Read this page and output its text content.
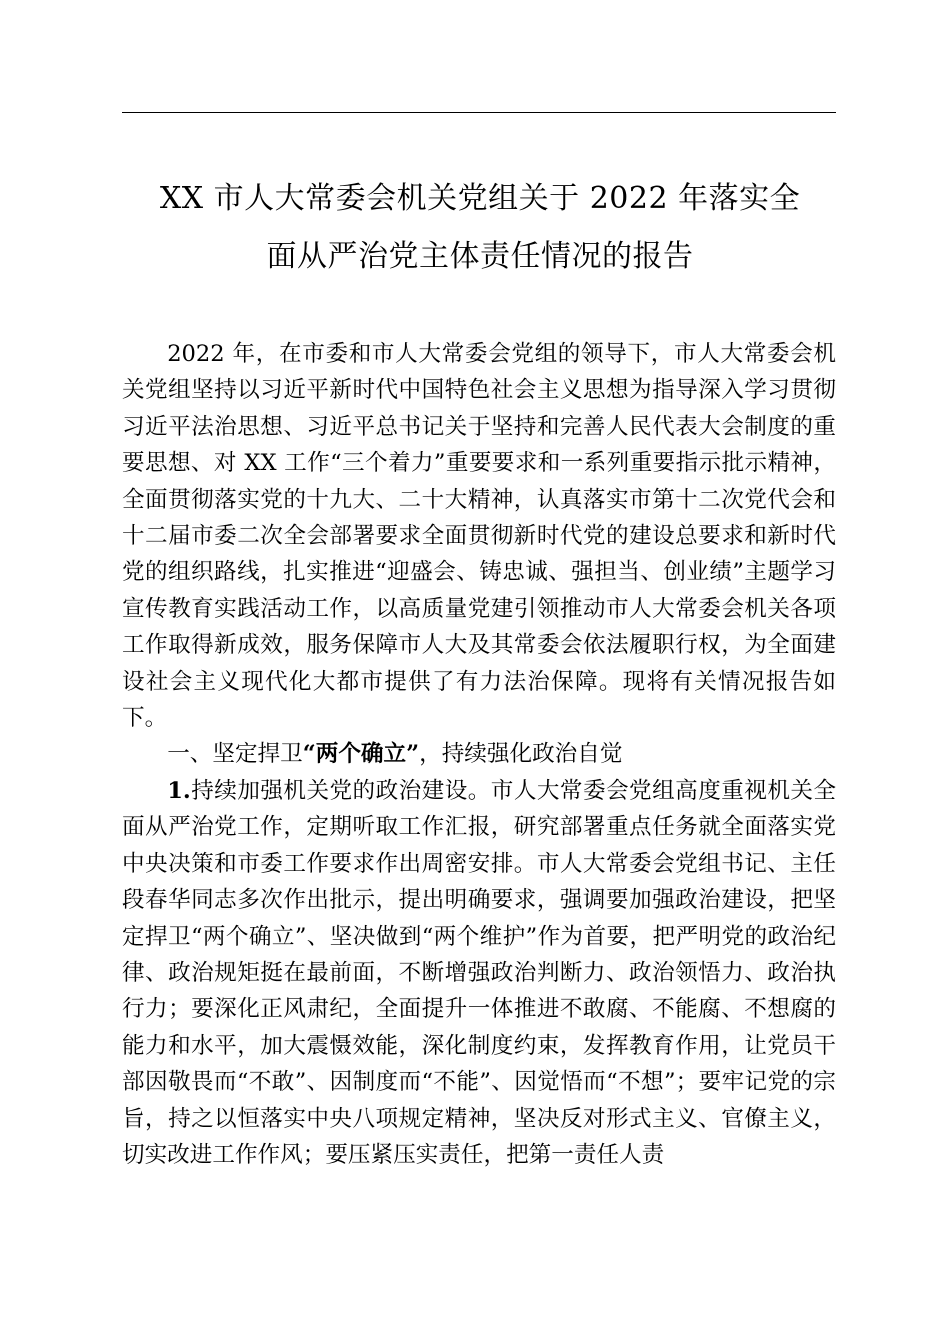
XX 市人大常委会机关党组关于 2022 年落实全
面从严治党主体责任情况的报告

2022 年，在市委和市人大常委会党组的领导下，市人大常委会机关党组坚持以习近平新时代中国特色社会主义思想为指导深入学习贯彻习近平法治思想、习近平总书记关于坚持和完善人民代表大会制度的重要思想、对 XX 工作“三个着力”重要要求和一系列重要指示批示精神，全面贯彻落实党的十九大、二十大精神，认真落实市第十二次党代会和十二届市委二次全会部署要求全面贯彻新时代党的建设总要求和新时代党的组织路线，扎实推进“迎盛会、铸忠诚、强担当、创业绩”主题学习宣传教育实践活动工作，以高质量党建引领推动市人大常委会机关各项工作取得新成效，服务保障市人大及其常委会依法履职行权，为全面建设社会主义现代化大都市提供了有力法治保障。现将有关情况报告如下。

一、坚定捍卫“两个确立”，持续强化政治自觉

1.持续加强机关党的政治建设。市人大常委会党组高度重视机关全面从严治党工作，定期听取工作汇报，研究部署重点任务就全面落实党中央决策和市委工作要求作出周密安排。市人大常委会党组书记、主任段春华同志多次作出批示，提出明确要求，强调要加强政治建设，把坚定捍卫“两个确立”、坚决做到“两个维护”作为首要，把严明党的政治纪律、政治规矩挺在最前面，不断增强政治判断力、政治领悟力、政治执行力；要深化正风肃纪，全面提升一体推进不敢腐、不能腐、不想腐的能力和水平，加大震慑效能，深化制度约束，发挥教育作用，让党员干部因敬畏而“不敢”、因制度而“不能”、因觉悟而“不想”；要牢记党的宗旨，持之以恒落实中央八项规定精神，坚决反对形式主义、官僚主义，切实改进工作作风；要压紧压实责任，把第一责任人责
